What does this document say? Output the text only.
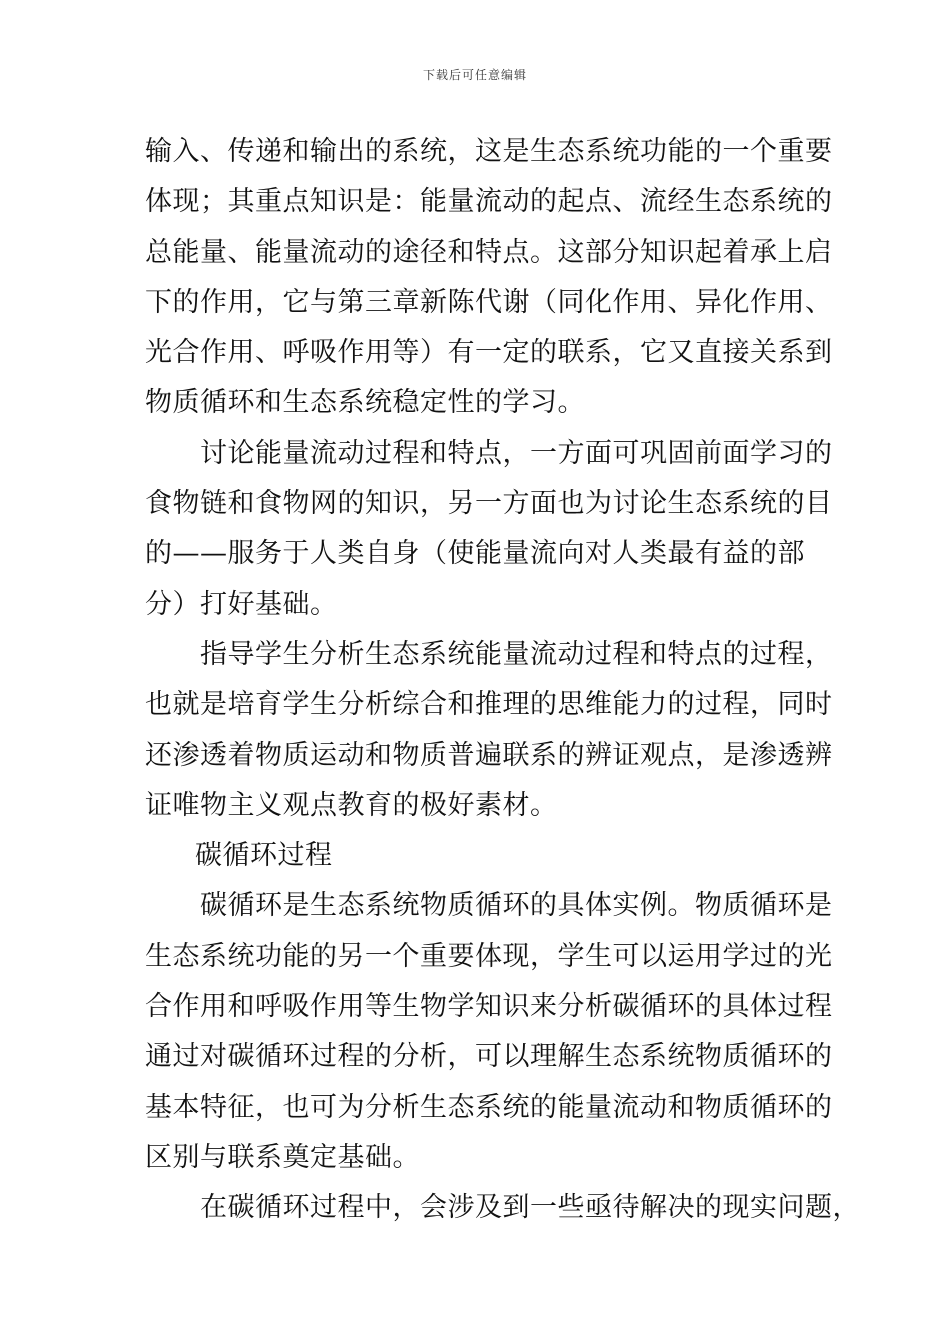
下载后可任意编辑
输入、传递和输出的系统，这是生态系统功能的一个重要
体现；其重点知识是：能量流动的起点、流经生态系统的
总能量、能量流动的途径和特点。这部分知识起着承上启
下的作用，它与第三章新陈代谢（同化作用、异化作用、
光合作用、呼吸作用等）有一定的联系，它又直接关系到
物质循环和生态系统稳定性的学习。
讨论能量流动过程和特点，一方面可巩固前面学习的
食物链和食物网的知识，另一方面也为讨论生态系统的目
的——服务于人类自身（使能量流向对人类最有益的部
分）打好基础。
指导学生分析生态系统能量流动过程和特点的过程，
也就是培育学生分析综合和推理的思维能力的过程，同时
还渗透着物质运动和物质普遍联系的辨证观点，是渗透辨
证唯物主义观点教育的极好素材。
碳循环过程
碳循环是生态系统物质循环的具体实例。物质循环是
生态系统功能的另一个重要体现，学生可以运用学过的光
合作用和呼吸作用等生物学知识来分析碳循环的具体过程
通过对碳循环过程的分析，可以理解生态系统物质循环的
基本特征，也可为分析生态系统的能量流动和物质循环的
区别与联系奠定基础。
在碳循环过程中，会涉及到一些亟待解决的现实问题，
